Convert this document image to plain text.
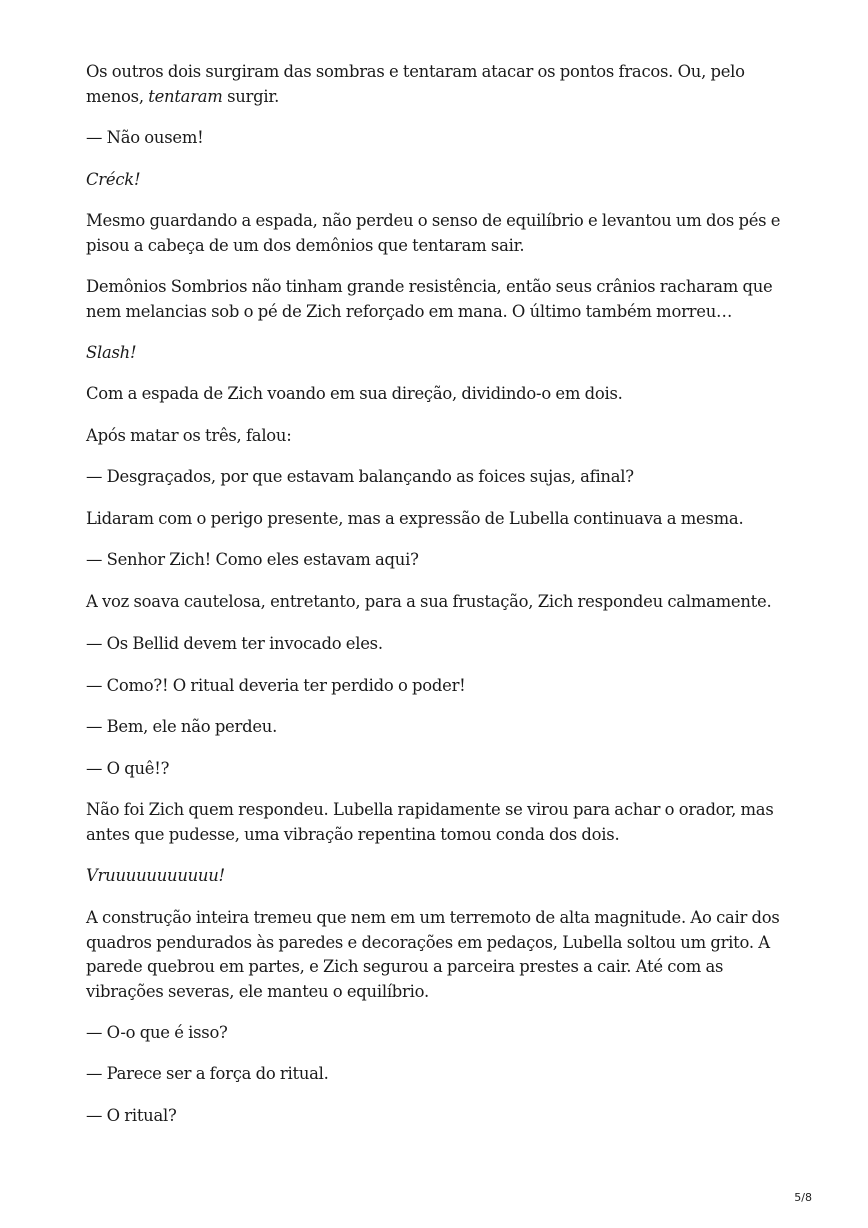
Os outros dois surgiram das sombras e tentaram atacar os pontos fracos. Ou, pelo menos, tentaram surgir.

— Não ousem!

Créck!

Mesmo guardando a espada, não perdeu o senso de equilíbrio e levantou um dos pés e pisou a cabeça de um dos demônios que tentaram sair.

Demônios Sombrios não tinham grande resistência, então seus crânios racharam que nem melancias sob o pé de Zich reforçado em mana. O último também morreu…

Slash!

Com a espada de Zich voando em sua direção, dividindo-o em dois.

Após matar os três, falou:

— Desgraçados, por que estavam balançando as foices sujas, afinal?

Lidaram com o perigo presente, mas a expressão de Lubella continuava a mesma.

— Senhor Zich! Como eles estavam aqui?

A voz soava cautelosa, entretanto, para a sua frustação, Zich respondeu calmamente.

— Os Bellid devem ter invocado eles.

— Como?! O ritual deveria ter perdido o poder!

— Bem, ele não perdeu.

— O quê!?

Não foi Zich quem respondeu. Lubella rapidamente se virou para achar o orador, mas antes que pudesse, uma vibração repentina tomou conda dos dois.

Vruuuuuuuuuuu!

A construção inteira tremeu que nem em um terremoto de alta magnitude. Ao cair dos quadros pendurados às paredes e decorações em pedaços, Lubella soltou um grito. A parede quebrou em partes, e Zich segurou a parceira prestes a cair. Até com as vibrações severas, ele manteu o equilíbrio.

— O-o que é isso?

— Parece ser a força do ritual.

— O ritual?

5/8
